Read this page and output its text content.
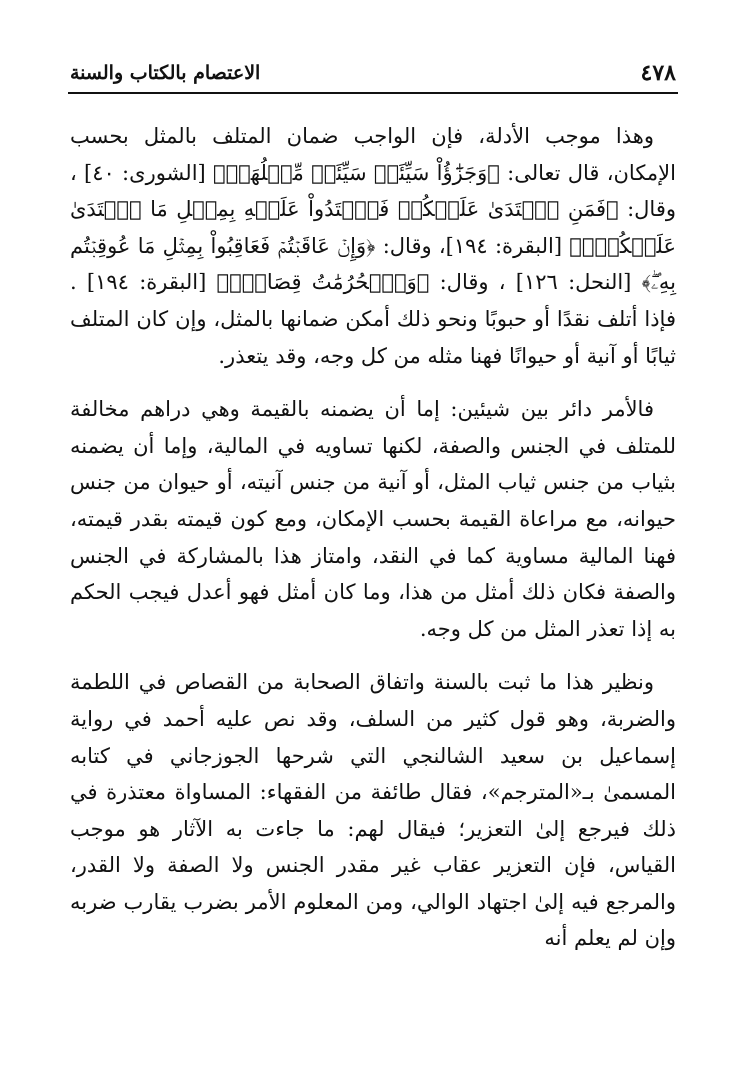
٤٧٨
الاعتصام بالكتاب والسنة

وهذا موجب الأدلة، فإن الواجب ضمان المتلف بالمثل بحسب الإمكان، قال تعالى: ﴿وَجَزَٰٓؤُاْ سَيِّئَةٖ سَيِّئَةٞ مِّثۡلُهَاۖ﴾ [الشورى: ٤٠] ، وقال: ﴿فَمَنِ ٱعۡتَدَىٰ عَلَيۡكُمۡ فَٱعۡتَدُواْ عَلَيۡهِ بِمِثۡلِ مَا ٱعۡتَدَىٰ عَلَيۡكُمۡۚ﴾ [البقرة: ١٩٤]، وقال: ﴿وَإِنۡ عَاقَبۡتُمۡ فَعَاقِبُواْ بِمِثۡلِ مَا عُوقِبۡتُم بِهِۦۖ﴾ [النحل: ١٢٦] ، وقال: ﴿وَٱلۡحُرُمَٰتُ قِصَاصٞۚ﴾ [البقرة: ١٩٤] . فإذا أتلف نقدًا أو حبوبًا ونحو ذلك أمكن ضمانها بالمثل، وإن كان المتلف ثيابًا أو آنية أو حيوانًا فهنا مثله من كل وجه، وقد يتعذر.

فالأمر دائر بين شيئين: إما أن يضمنه بالقيمة وهي دراهم مخالفة للمتلف في الجنس والصفة، لكنها تساويه في المالية، وإما أن يضمنه بثياب من جنس ثياب المثل، أو آنية من جنس آنيته، أو حيوان من جنس حيوانه، مع مراعاة القيمة بحسب الإمكان، ومع كون قيمته بقدر قيمته، فهنا المالية مساوية كما في النقد، وامتاز هذا بالمشاركة في الجنس والصفة فكان ذلك أمثل من هذا، وما كان أمثل فهو أعدل فيجب الحكم به إذا تعذر المثل من كل وجه.

ونظير هذا ما ثبت بالسنة واتفاق الصحابة من القصاص في اللطمة والضربة، وهو قول كثير من السلف، وقد نص عليه أحمد في رواية إسماعيل بن سعيد الشالنجي التي شرحها الجوزجاني في كتابه المسمىٰ بـ«المترجم»، فقال طائفة من الفقهاء: المساواة معتذرة في ذلك فيرجع إلىٰ التعزير؛ فيقال لهم: ما جاءت به الآثار هو موجب القياس، فإن التعزير عقاب غير مقدر الجنس ولا الصفة ولا القدر، والمرجع فيه إلىٰ اجتهاد الوالي، ومن المعلوم الأمر بضرب يقارب ضربه وإن لم يعلم أنه
